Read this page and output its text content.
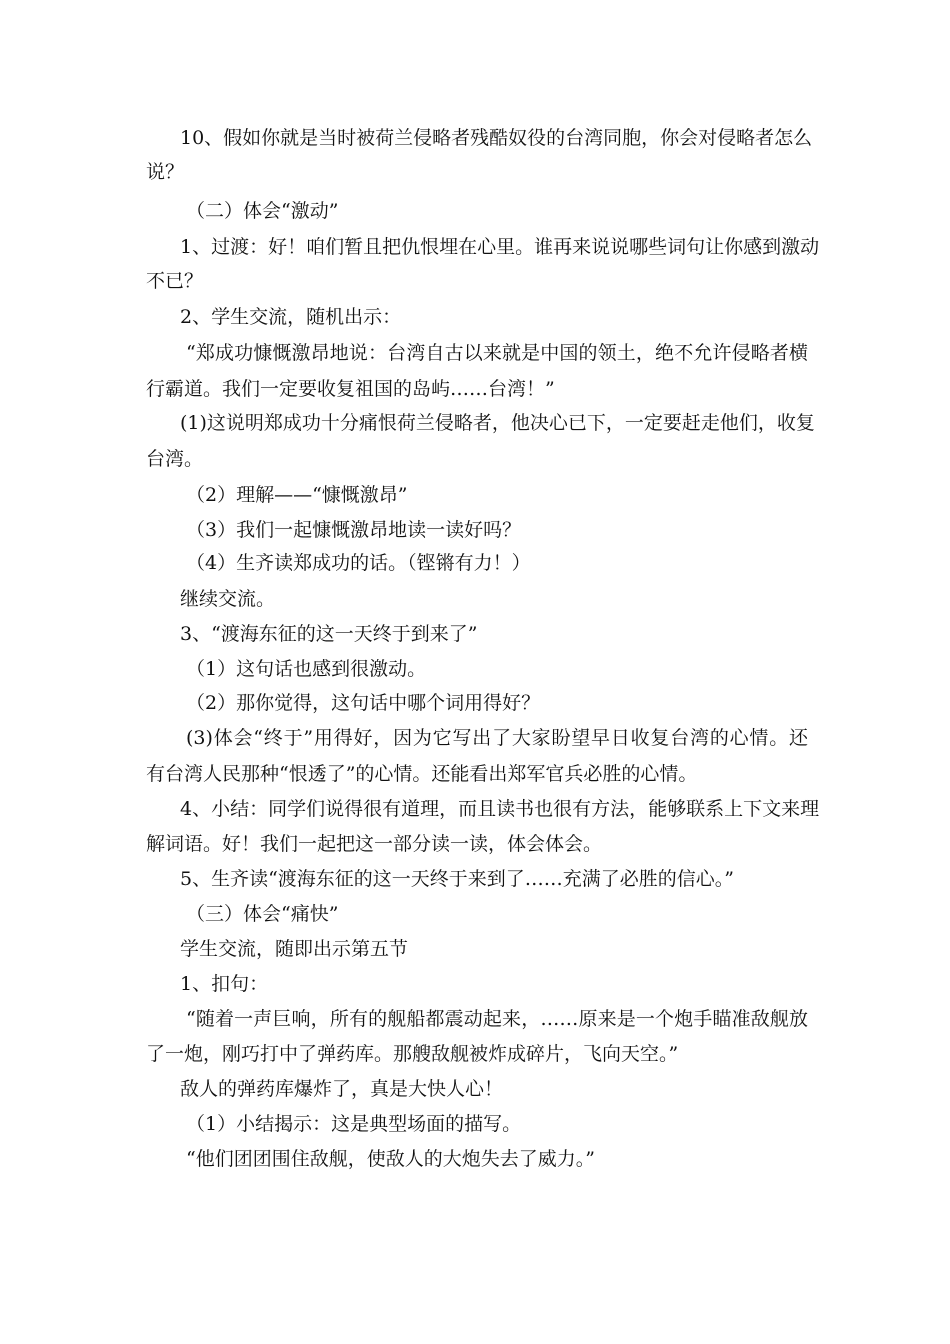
10、假如你就是当时被荷兰侵略者残酷奴役的台湾同胞，你会对侵略者怎么
说？
（二）体会“激动”
1、过渡：好！咱们暂且把仇恨埋在心里。谁再来说说哪些词句让你感到激动
不已？
2、学生交流，随机出示：
“郑成功慷慨激昂地说：台湾自古以来就是中国的领土，绝不允许侵略者横
行霸道。我们一定要收复祖国的岛屿……台湾！”
(1)这说明郑成功十分痛恨荷兰侵略者，他决心已下，一定要赶走他们，收复
台湾。
（2）理解——“慷慨激昂”
（3）我们一起慷慨激昂地读一读好吗？
（4）生齐读郑成功的话。（铿锵有力！）
继续交流。
3、“渡海东征的这一天终于到来了”
（1）这句话也感到很激动。
（2）那你觉得，这句话中哪个词用得好？
(3)体会“终于”用得好，因为它写出了大家盼望早日收复台湾的心情。还
有台湾人民那种“恨透了”的心情。还能看出郑军官兵必胜的心情。
4、小结：同学们说得很有道理，而且读书也很有方法，能够联系上下文来理
解词语。好！我们一起把这一部分读一读，体会体会。
5、生齐读“渡海东征的这一天终于来到了……充满了必胜的信心。”
（三）体会“痛快”
学生交流，随即出示第五节
1、扣句：
“随着一声巨响，所有的舰船都震动起来，……原来是一个炮手瞄准敌舰放
了一炮，刚巧打中了弹药库。那艘敌舰被炸成碎片，飞向天空。”
敌人的弹药库爆炸了，真是大快人心！
（1）小结揭示：这是典型场面的描写。
“他们团团围住敌舰，使敌人的大炮失去了威力。”
